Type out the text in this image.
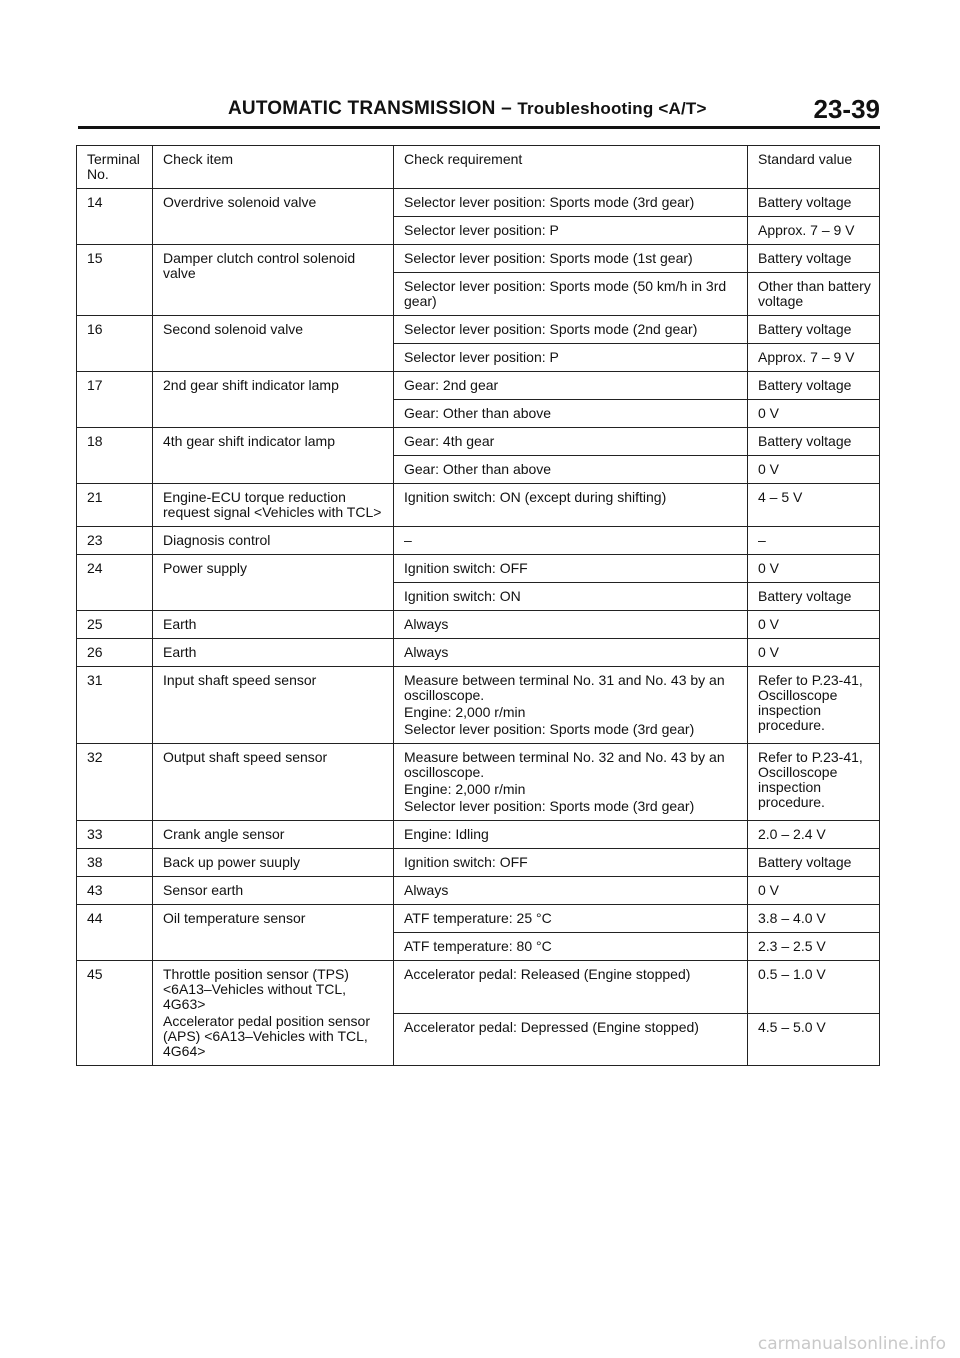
AUTOMATIC TRANSMISSION – Troubleshooting <A/T>	23-39
Terminal No.	Check item	Check requirement	Standard value
14	Overdrive solenoid valve	Selector lever position: Sports mode (3rd gear)	Battery voltage
		Selector lever position: P	Approx. 7 – 9 V
15	Damper clutch control solenoid valve	Selector lever position: Sports mode (1st gear)	Battery voltage
		Selector lever position: Sports mode (50 km/h in 3rd gear)	Other than battery voltage
16	Second solenoid valve	Selector lever position: Sports mode (2nd gear)	Battery voltage
		Selector lever position: P	Approx. 7 – 9 V
17	2nd gear shift indicator lamp	Gear: 2nd gear	Battery voltage
		Gear: Other than above	0 V
18	4th gear shift indicator lamp	Gear: 4th gear	Battery voltage
		Gear: Other than above	0 V
21	Engine-ECU torque reduction request signal <Vehicles with TCL>	Ignition switch: ON (except during shifting)	4 – 5 V
23	Diagnosis control	–	–
24	Power supply	Ignition switch: OFF	0 V
		Ignition switch: ON	Battery voltage
25	Earth	Always	0 V
26	Earth	Always	0 V
31	Input shaft speed sensor	Measure between terminal No. 31 and No. 43 by an oscilloscope.
Engine: 2,000 r/min
Selector lever position: Sports mode (3rd gear)	Refer to P.23-41, Oscilloscope inspection procedure.
32	Output shaft speed sensor	Measure between terminal No. 32 and No. 43 by an oscilloscope.
Engine: 2,000 r/min
Selector lever position: Sports mode (3rd gear)	Refer to P.23-41, Oscilloscope inspection procedure.
33	Crank angle sensor	Engine: Idling	2.0 – 2.4 V
38	Back up power suuply	Ignition switch: OFF	Battery voltage
43	Sensor earth	Always	0 V
44	Oil temperature sensor	ATF temperature: 25 °C	3.8 – 4.0 V
		ATF temperature: 80 °C	2.3 – 2.5 V
45	Throttle position sensor (TPS) <6A13–Vehicles without TCL, 4G63>
Accelerator pedal position sensor (APS) <6A13–Vehicles with TCL, 4G64>	Accelerator pedal: Released (Engine stopped)	0.5 – 1.0 V
		Accelerator pedal: Depressed (Engine stopped)	4.5 – 5.0 V
carmanualsonline.info
